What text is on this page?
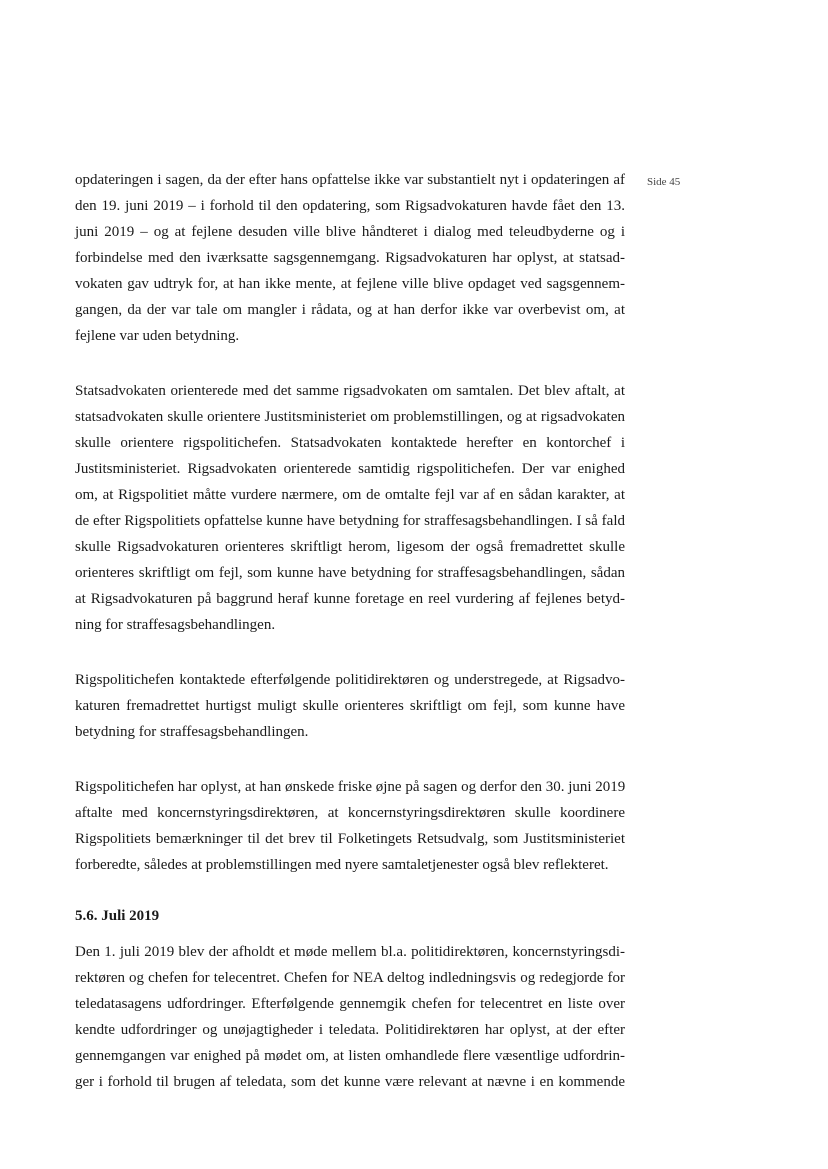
Side 45
opdateringen i sagen, da der efter hans opfattelse ikke var substantielt nyt i opdateringen af
den 19. juni 2019 – i forhold til den opdatering, som Rigsadvokaturen havde fået den 13.
juni 2019 – og at fejlene desuden ville blive håndteret i dialog med teleudbyderne og i
forbindelse med den iværksatte sagsgennemgang. Rigsadvokaturen har oplyst, at statsad-
vokaten gav udtryk for, at han ikke mente, at fejlene ville blive opdaget ved sagsgennem-
gangen, da der var tale om mangler i rådata, og at han derfor ikke var overbevist om, at
fejlene var uden betydning.
Statsadvokaten orienterede med det samme rigsadvokaten om samtalen. Det blev aftalt, at
statsadvokaten skulle orientere Justitsministeriet om problemstillingen, og at rigsadvokaten
skulle orientere rigspolitichefen. Statsadvokaten kontaktede herefter en kontorchef i
Justitsministeriet. Rigsadvokaten orienterede samtidig rigspolitichefen. Der var enighed
om, at Rigspolitiet måtte vurdere nærmere, om de omtalte fejl var af en sådan karakter, at
de efter Rigspolitiets opfattelse kunne have betydning for straffesagsbehandlingen. I så fald
skulle Rigsadvokaturen orienteres skriftligt herom, ligesom der også fremadrettet skulle
orienteres skriftligt om fejl, som kunne have betydning for straffesagsbehandlingen, sådan
at Rigsadvokaturen på baggrund heraf kunne foretage en reel vurdering af fejlenes betyd-
ning for straffesagsbehandlingen.
Rigspolitichefen kontaktede efterfølgende politidirektøren og understregede, at Rigsadvo-
katuren fremadrettet hurtigst muligt skulle orienteres skriftligt om fejl, som kunne have
betydning for straffesagsbehandlingen.
Rigspolitichefen har oplyst, at han ønskede friske øjne på sagen og derfor den 30. juni 2019
aftalte med koncernstyringsdirektøren, at koncernstyringsdirektøren skulle koordinere
Rigspolitiets bemærkninger til det brev til Folketingets Retsudvalg, som Justitsministeriet
forberedte, således at problemstillingen med nyere samtaletjenester også blev reflekteret.
5.6. Juli 2019
Den 1. juli 2019 blev der afholdt et møde mellem bl.a. politidirektøren, koncernstyringsdi-
rektøren og chefen for telecentret. Chefen for NEA deltog indledningsvis og redegjorde for
teledatasagens udfordringer. Efterfølgende gennemgik chefen for telecentret en liste over
kendte udfordringer og unøjagtigheder i teledata. Politidirektøren har oplyst, at der efter
gennemgangen var enighed på mødet om, at listen omhandlede flere væsentlige udfordrin-
ger i forhold til brugen af teledata, som det kunne være relevant at nævne i en kommende
